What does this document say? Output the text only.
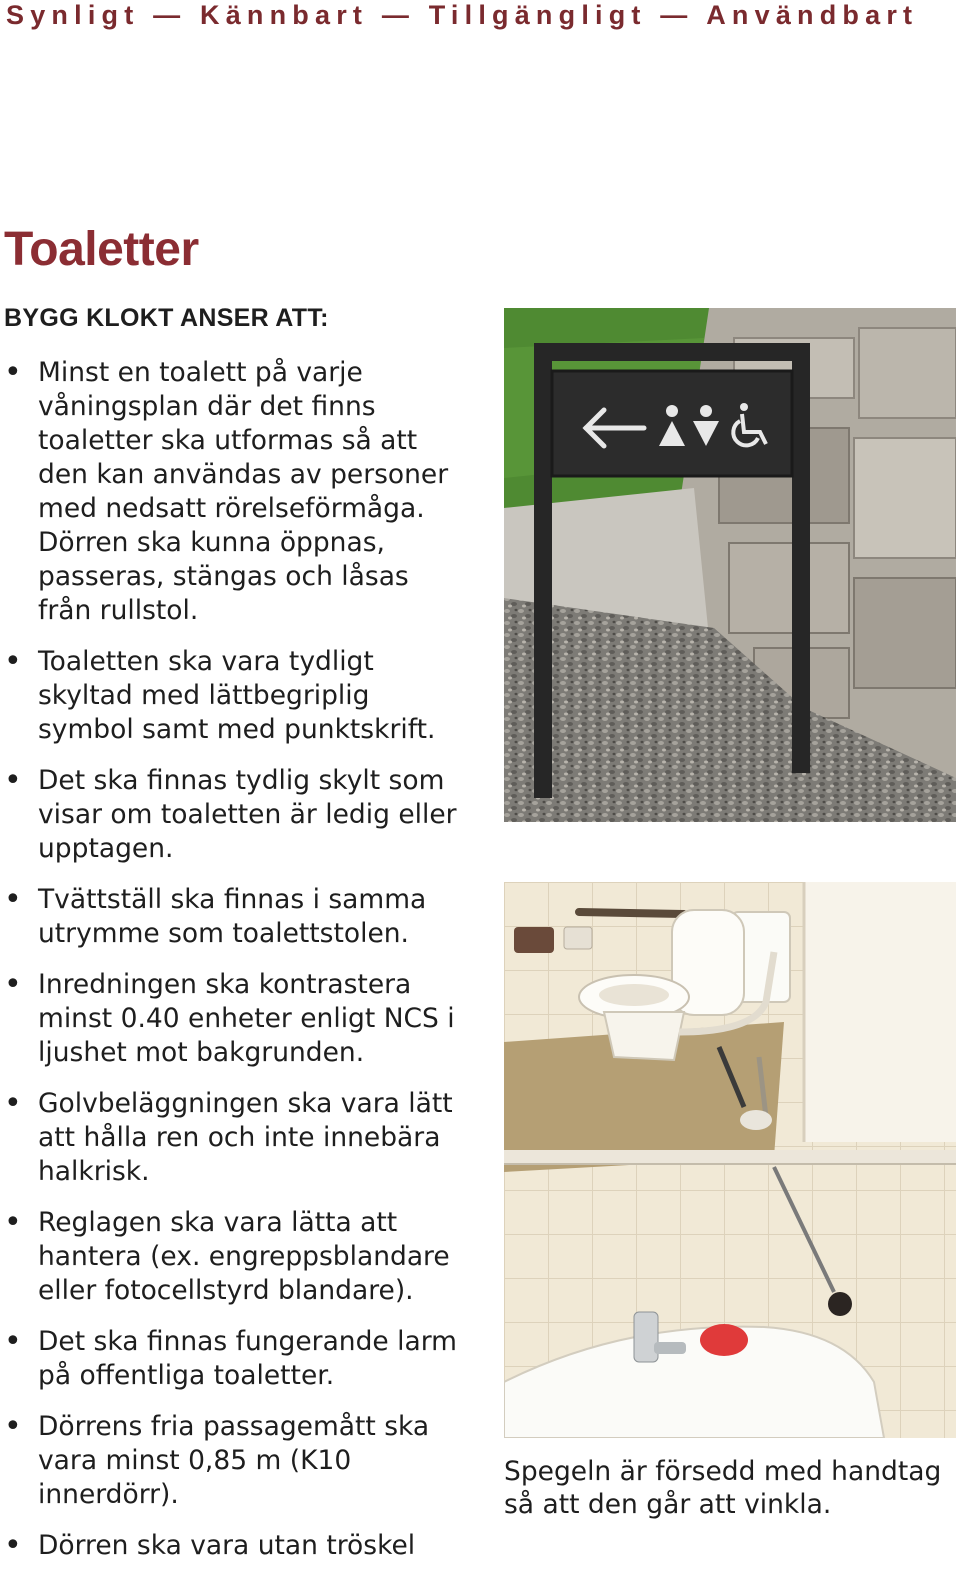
Synligt — Kännbart — Tillgängligt — Användbart
Toaletter
BYGG KLOKT ANSER ATT:
• Minst en toalett på varje våningsplan där det finns toaletter ska utformas så att den kan användas av personer med nedsatt rörelseförmåga. Dörren ska kunna öppnas, passeras, stängas och låsas från rullstol.
• Toaletten ska vara tydligt skyltad med lättbegriplig symbol samt med punktskrift.
• Det ska finnas tydlig skylt som visar om toaletten är ledig eller upptagen.
• Tvättställ ska finnas i samma utrymme som toalettstolen.
• Inredningen ska kontrastera minst 0.40 enheter enligt NCS i ljushet mot bakgrunden.
• Golvbeläggningen ska vara lätt att hålla ren och inte innebära halkrisk.
• Reglagen ska vara lätta att hantera (ex. engreppsblandare eller fotocellstyrd blandare).
• Det ska finnas fungerande larm på offentliga toaletter.
• Dörrens fria passagemått ska vara minst 0,85 m (K10 innerdörr).
• Dörren ska vara utan tröskel
Spegeln är försedd med handtag så att den går att vinkla.
